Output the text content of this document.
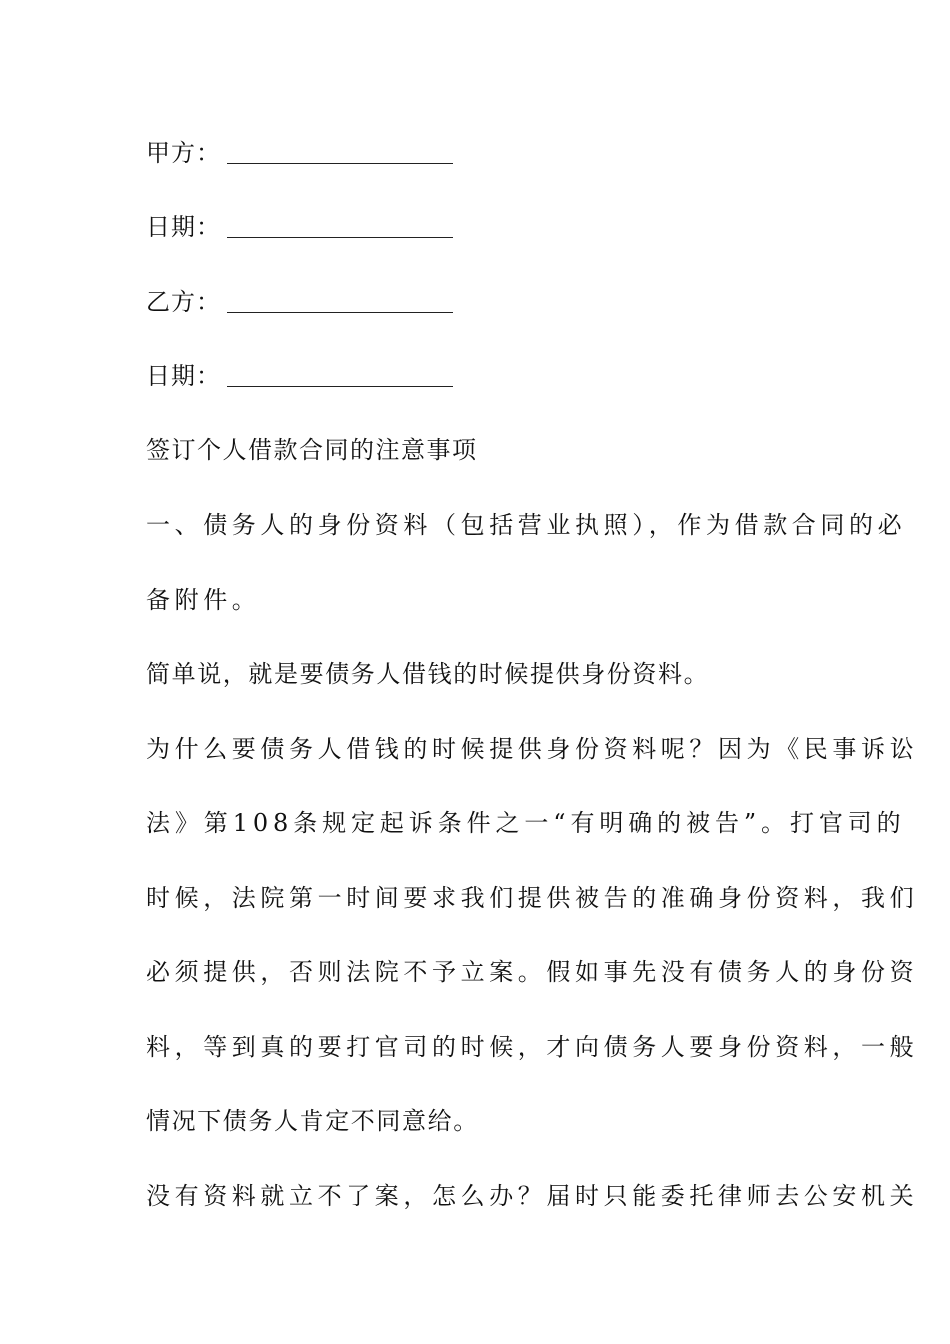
甲方：
日期：
乙方：
日期：
签订个人借款合同的注意事项
一、债务人的身份资料（包括营业执照），作为借款合同的必
备附件。
简单说，就是要债务人借钱的时候提供身份资料。
为什么要债务人借钱的时候提供身份资料呢？因为《民事诉讼
法》第108条规定起诉条件之一“有明确的被告”。打官司的
时候，法院第一时间要求我们提供被告的准确身份资料，我们
必须提供，否则法院不予立案。假如事先没有债务人的身份资
料，等到真的要打官司的时候，才向债务人要身份资料，一般
情况下债务人肯定不同意给。
没有资料就立不了案，怎么办？届时只能委托律师去公安机关
